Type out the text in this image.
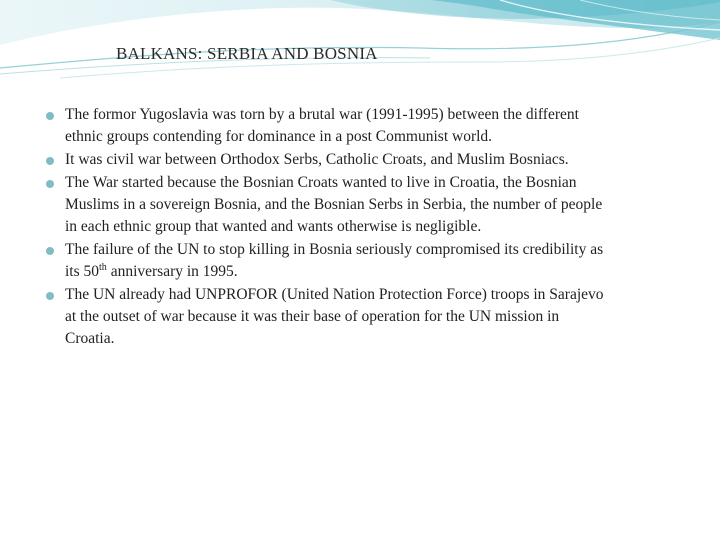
BALKANS: SERBIA AND BOSNIA
The formor Yugoslavia was torn by a brutal war (1991-1995) between the different ethnic groups contending for dominance in a post Communist world.
It was civil war between Orthodox Serbs, Catholic Croats, and Muslim Bosniacs.
The War started because the Bosnian Croats wanted to live in Croatia, the Bosnian Muslims in a sovereign Bosnia, and the Bosnian Serbs in Serbia, the number of people in each ethnic group that wanted and wants otherwise is negligible.
The failure of the UN to stop killing in Bosnia seriously compromised its credibility as its 50th anniversary in 1995.
The UN already had UNPROFOR (United Nation Protection Force) troops in Sarajevo at the outset of war because it was their base of operation for the UN mission in Croatia.
